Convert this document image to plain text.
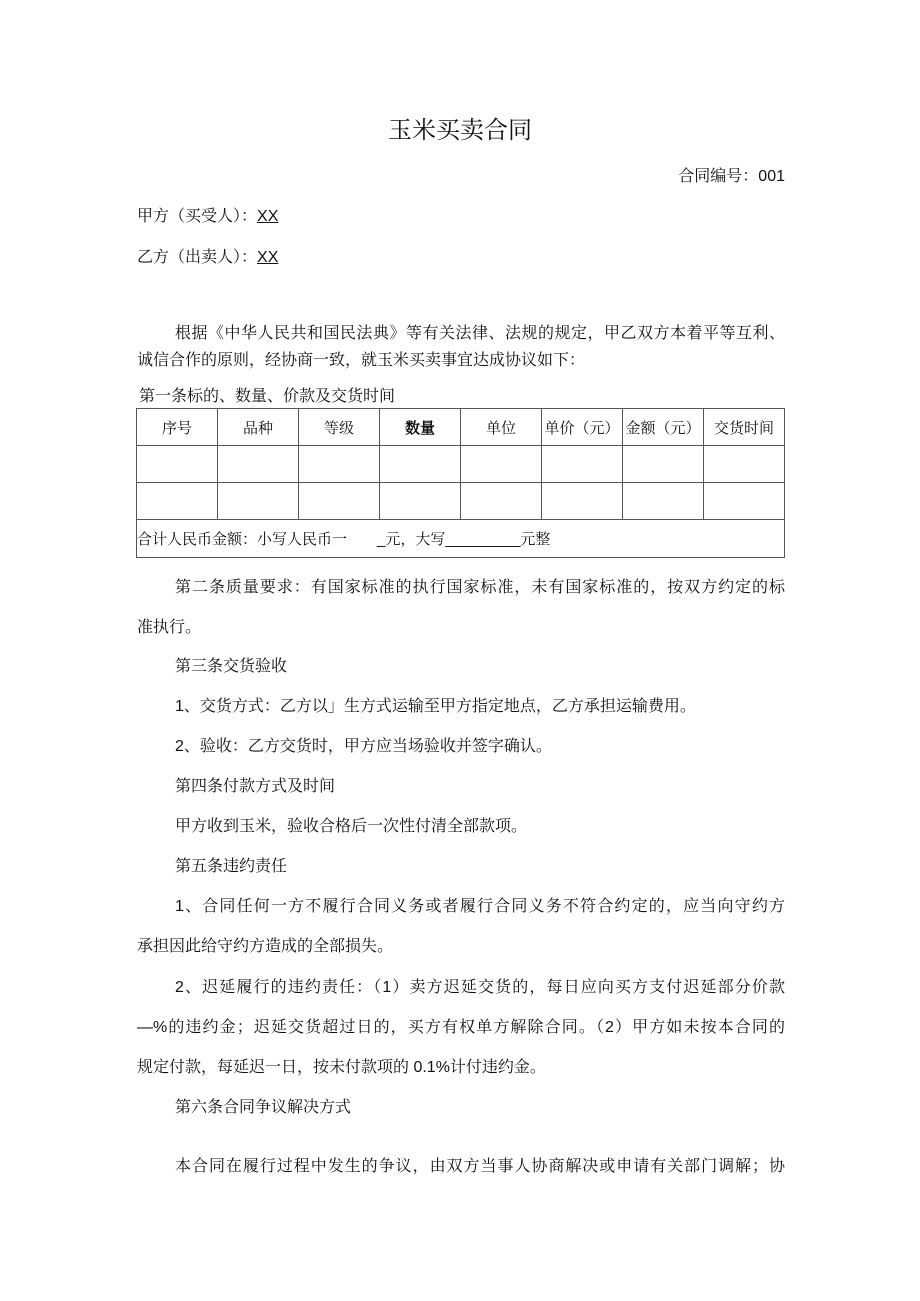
玉米买卖合同
合同编号：001
甲方（买受人）：XX
乙方（出卖人）：XX
根据《中华人民共和国民法典》等有关法律、法规的规定，甲乙双方本着平等互利、
诚信合作的原则，经协商一致，就玉米买卖事宜达成协议如下：
第一条标的、数量、价款及交货时间
序号	品种	等级	数量	单位	单价（元）	金额（元）	交货时间

合计人民币金额：小写人民币一　　_元，大写_________元整							
第二条质量要求：有国家标准的执行国家标准，未有国家标准的，按双方约定的标
准执行。
第三条交货验收
1、交货方式：乙方以」生方式运输至甲方指定地点，乙方承担运输费用。
2、验收：乙方交货时，甲方应当场验收并签字确认。
第四条付款方式及时间
甲方收到玉米，验收合格后一次性付清全部款项。
第五条违约责任
1、合同任何一方不履行合同义务或者履行合同义务不符合约定的，应当向守约方
承担因此给守约方造成的全部损失。
2、迟延履行的违约责任：（1）卖方迟延交货的，每日应向买方支付迟延部分价款
—%的违约金；迟延交货超过日的，买方有权单方解除合同。（2）甲方如未按本合同的
规定付款，每延迟一日，按未付款项的 0.1%计付违约金。
第六条合同争议解决方式
本合同在履行过程中发生的争议，由双方当事人协商解决或申请有关部门调解；协
